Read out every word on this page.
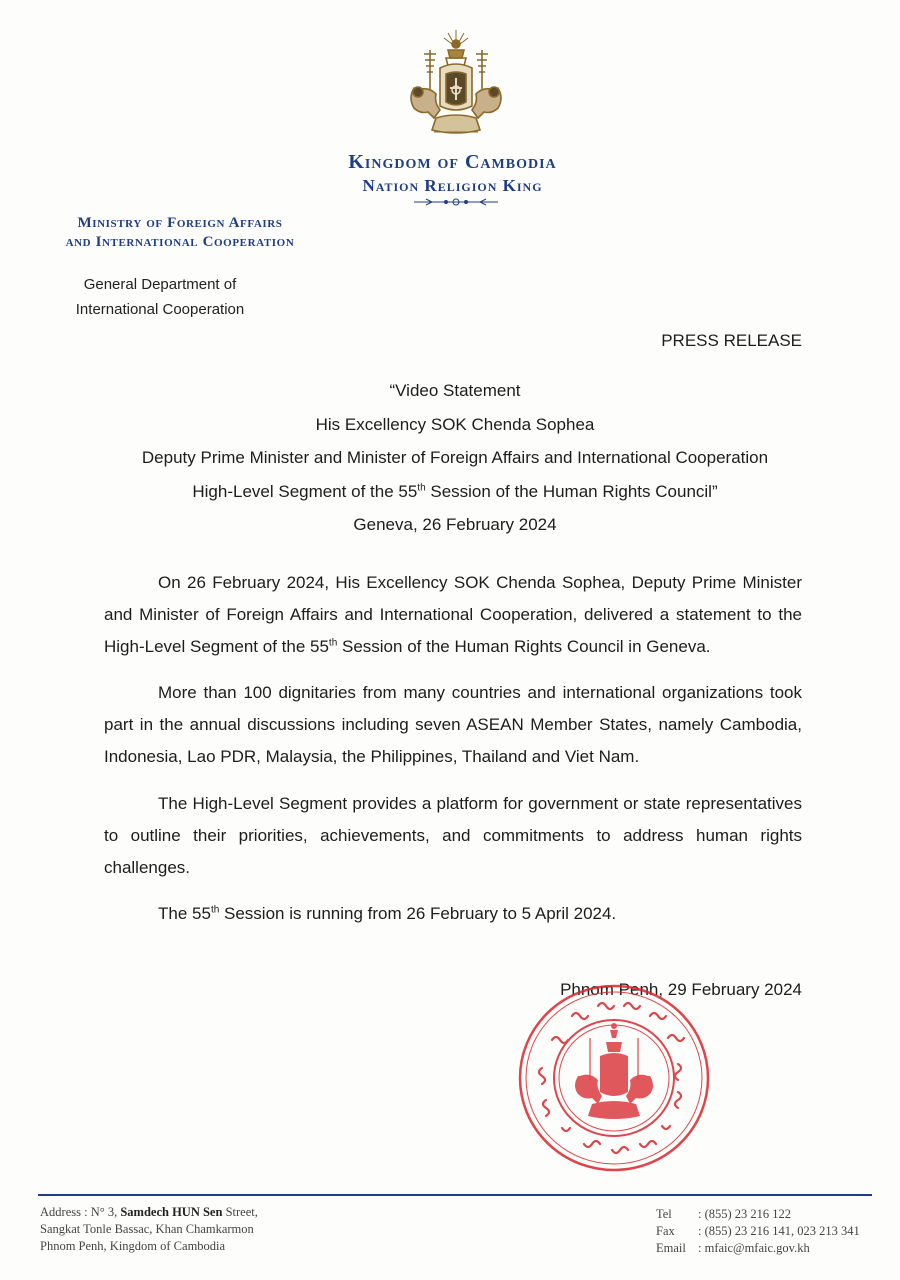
Kingdom of Cambodia
Nation Religion King
Ministry of Foreign Affairs
and International Cooperation
General Department of
International Cooperation
PRESS RELEASE
“Video Statement
His Excellency SOK Chenda Sophea
Deputy Prime Minister and Minister of Foreign Affairs and International Cooperation
High-Level Segment of the 55th Session of the Human Rights Council”
Geneva, 26 February 2024
On 26 February 2024, His Excellency SOK Chenda Sophea, Deputy Prime Minister and Minister of Foreign Affairs and International Cooperation, delivered a statement to the High-Level Segment of the 55th Session of the Human Rights Council in Geneva.
More than 100 dignitaries from many countries and international organizations took part in the annual discussions including seven ASEAN Member States, namely Cambodia, Indonesia, Lao PDR, Malaysia, the Philippines, Thailand and Viet Nam.
The High-Level Segment provides a platform for government or state representatives to outline their priorities, achievements, and commitments to address human rights challenges.
The 55th Session is running from 26 February to 5 April 2024.
Phnom Penh, 29 February 2024
Address : N° 3, Samdech HUN Sen Street,
Sangkat Tonle Bassac, Khan Chamkarmon
Phnom Penh, Kingdom of Cambodia
Tel : (855) 23 216 122
Fax : (855) 23 216 141, 023 213 341
Email : mfaic@mfaic.gov.kh
